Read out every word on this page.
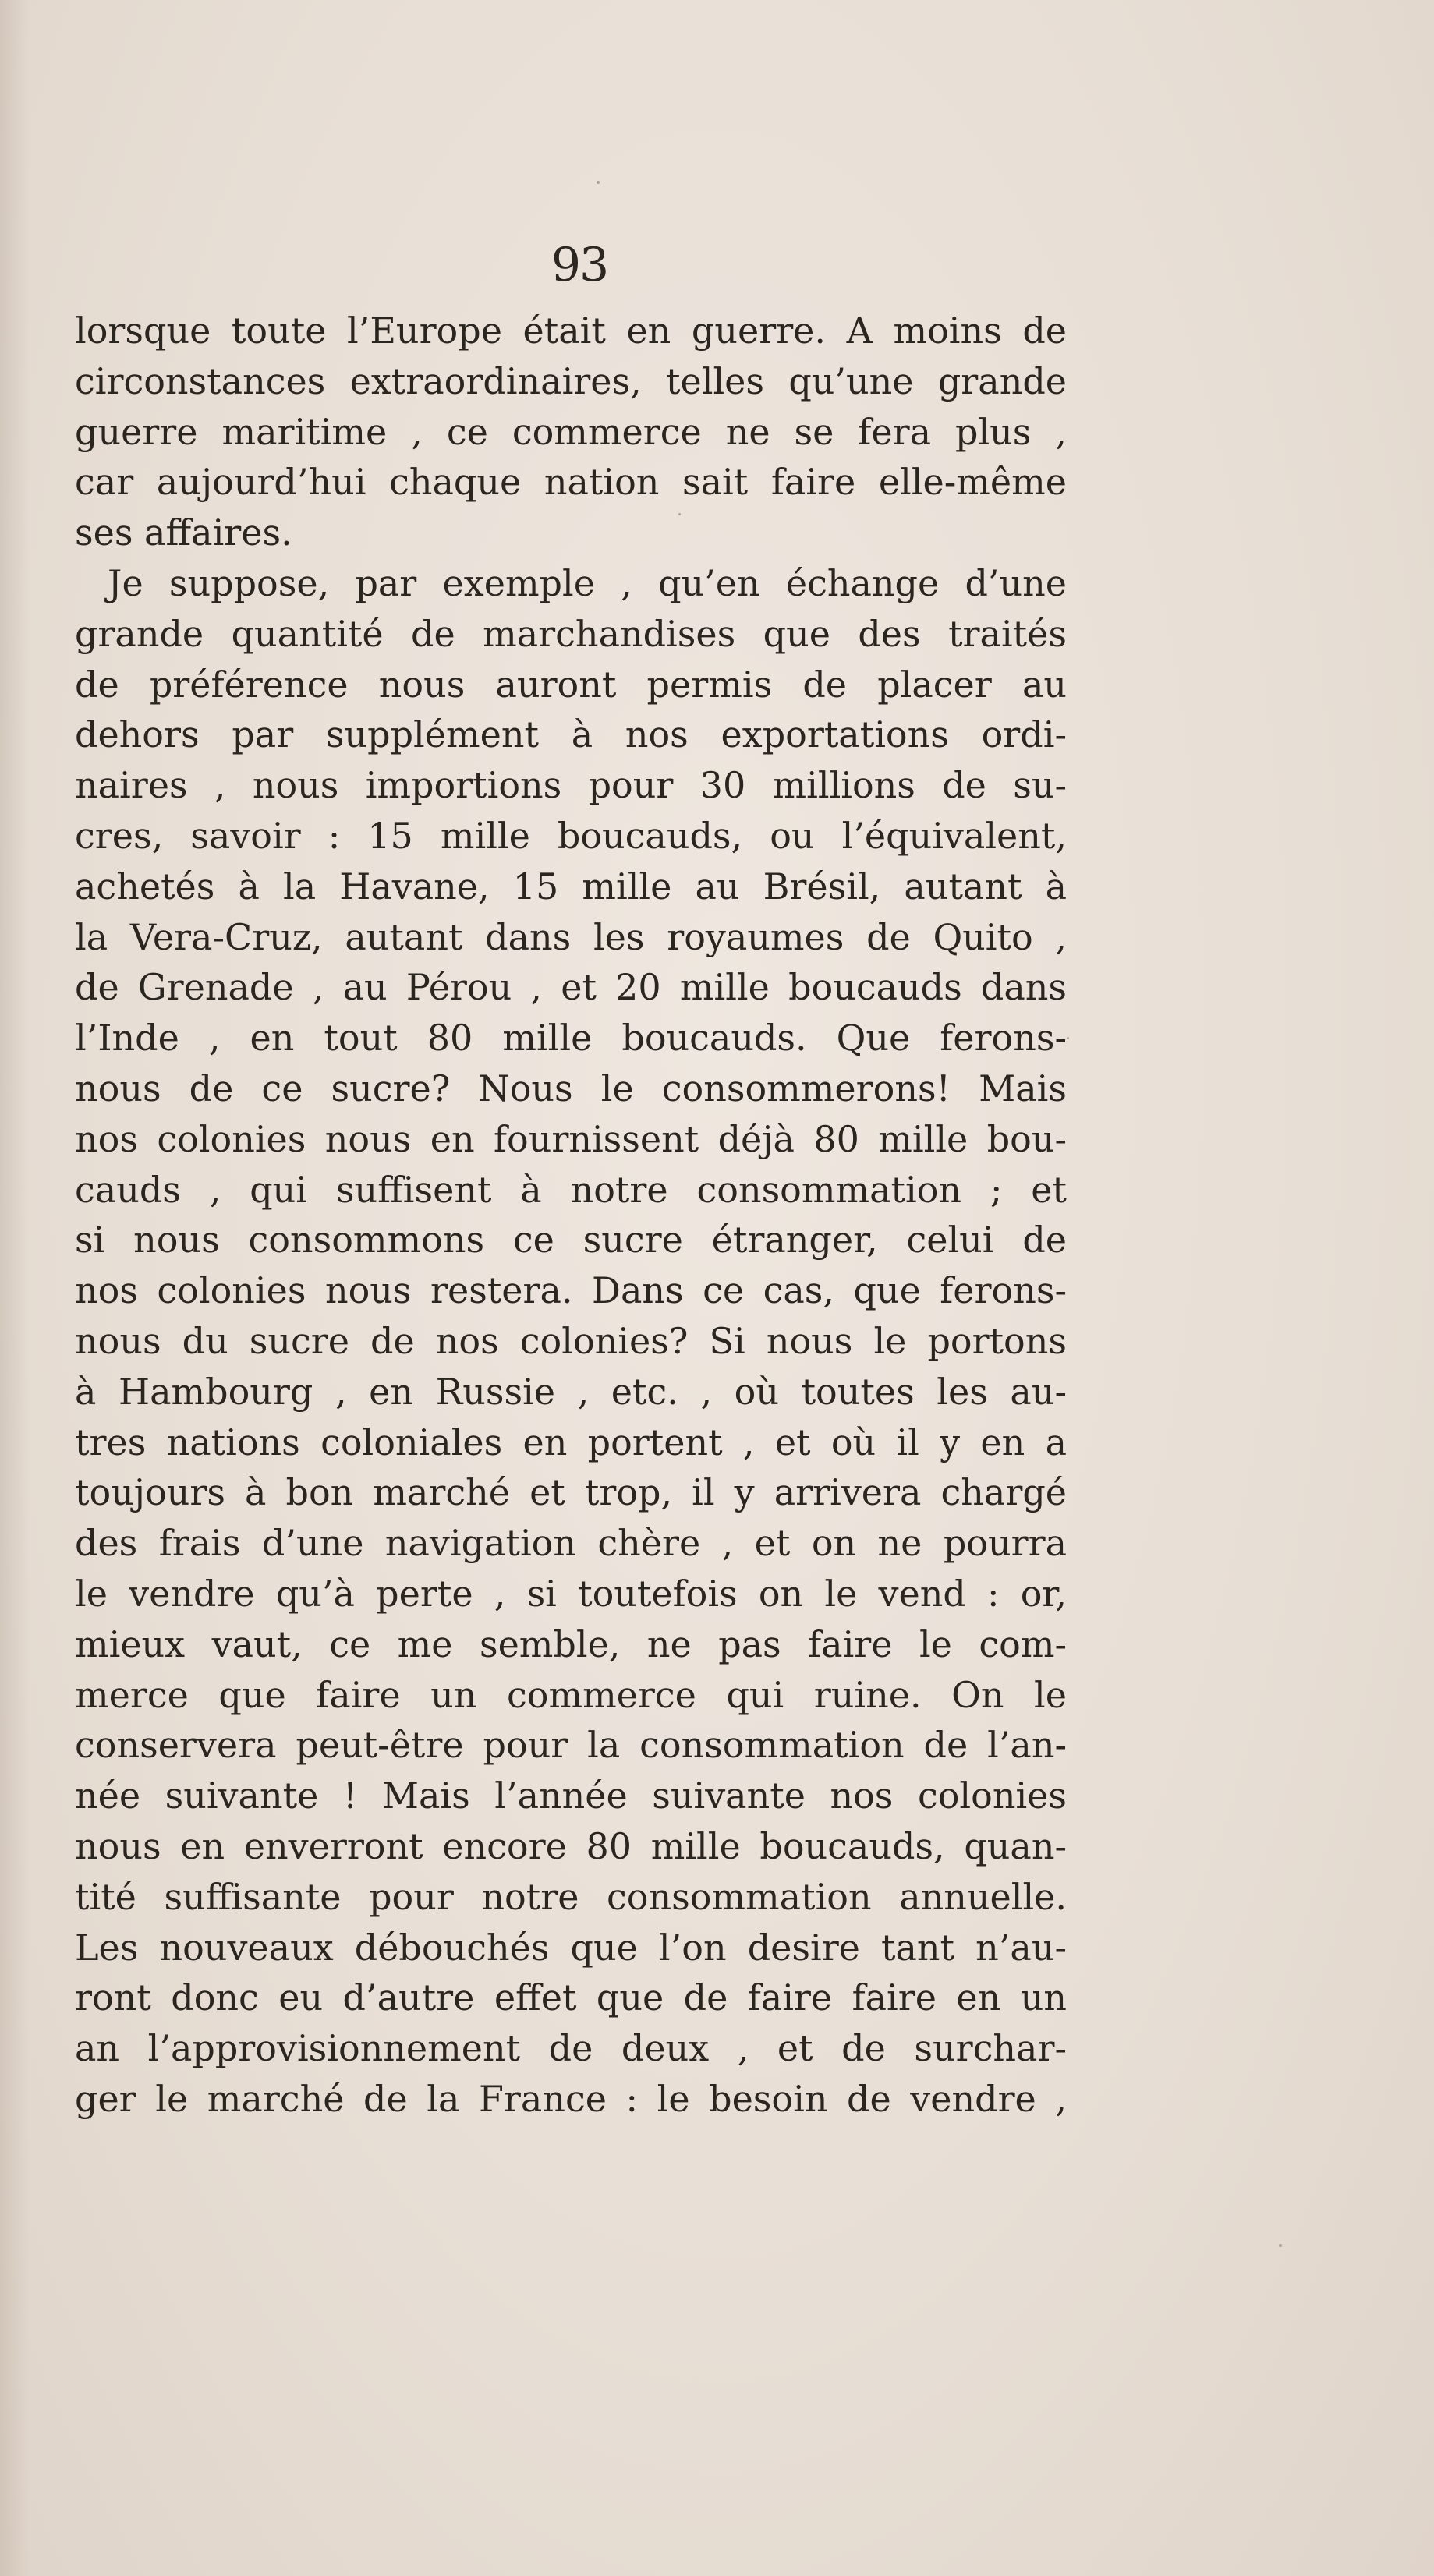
93
lorsque toute l’Europe était en guerre. A moins de
circonstances extraordinaires, telles qu’une grande
guerre maritime , ce commerce ne se fera plus ,
car aujourd’hui chaque nation sait faire elle-même
ses affaires.
Je suppose, par exemple , qu’en échange d’une
grande quantité de marchandises que des traités
de préférence nous auront permis de placer au
dehors par supplément à nos exportations ordi-
naires , nous importions pour 30 millions de su-
cres, savoir : 15 mille boucauds, ou l’équivalent,
achetés à la Havane, 15 mille au Brésil, autant à
la Vera-Cruz, autant dans les royaumes de Quito ,
de Grenade , au Pérou , et 20 mille boucauds dans
l’Inde , en tout 80 mille boucauds. Que ferons-
nous de ce sucre? Nous le consommerons! Mais
nos colonies nous en fournissent déjà 80 mille bou-
cauds , qui suffisent à notre consommation ; et
si nous consommons ce sucre étranger, celui de
nos colonies nous restera. Dans ce cas, que ferons-
nous du sucre de nos colonies? Si nous le portons
à Hambourg , en Russie , etc. , où toutes les au-
tres nations coloniales en portent , et où il y en a
toujours à bon marché et trop, il y arrivera chargé
des frais d’une navigation chère , et on ne pourra
le vendre qu’à perte , si toutefois on le vend : or,
mieux vaut, ce me semble, ne pas faire le com-
merce que faire un commerce qui ruine. On le
conservera peut-être pour la consommation de l’an-
née suivante ! Mais l’année suivante nos colonies
nous en enverront encore 80 mille boucauds, quan-
tité suffisante pour notre consommation annuelle.
Les nouveaux débouchés que l’on desire tant n’au-
ront donc eu d’autre effet que de faire faire en un
an l’approvisionnement de deux , et de surchar-
ger le marché de la France : le besoin de vendre ,
